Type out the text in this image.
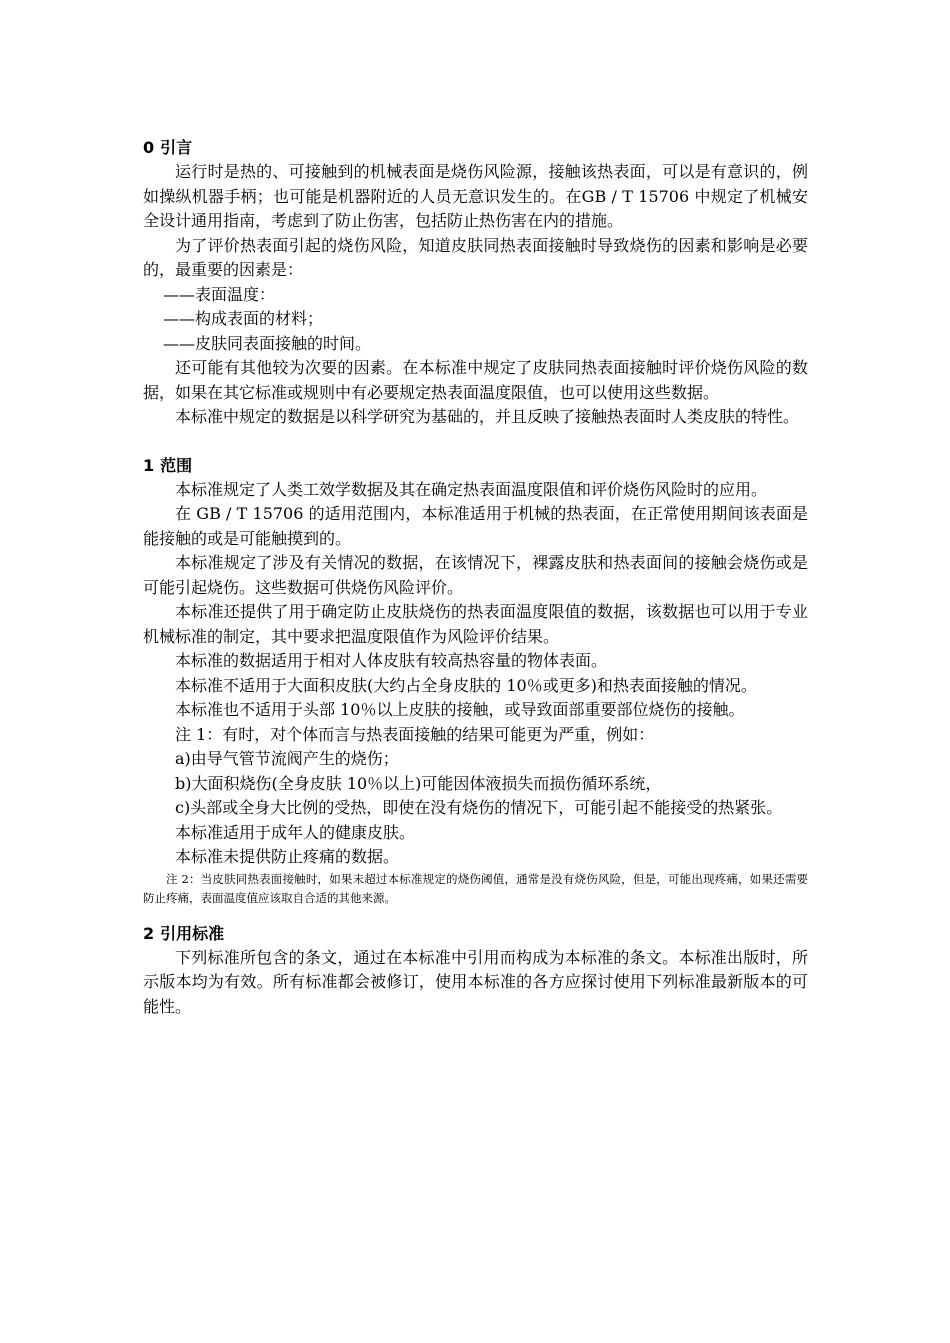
0 引言

运行时是热的、可接触到的机械表面是烧伤风险源，接触该热表面，可以是有意识的，例如操纵机器手柄；也可能是机器附近的人员无意识发生的。在GB / T 15706 中规定了机械安全设计通用指南，考虑到了防止伤害，包括防止热伤害在内的措施。

为了评价热表面引起的烧伤风险，知道皮肤同热表面接触时导致烧伤的因素和影响是必要的，最重要的因素是：

——表面温度：

——构成表面的材料；

——皮肤同表面接触的时间。

还可能有其他较为次要的因素。在本标准中规定了皮肤同热表面接触时评价烧伤风险的数据，如果在其它标准或规则中有必要规定热表面温度限值，也可以使用这些数据。

本标准中规定的数据是以科学研究为基础的，并且反映了接触热表面时人类皮肤的特性。

1 范围

本标准规定了人类工效学数据及其在确定热表面温度限值和评价烧伤风险时的应用。

在 GB / T 15706 的适用范围内，本标准适用于机械的热表面，在正常使用期间该表面是能接触的或是可能触摸到的。

本标准规定了涉及有关情况的数据，在该情况下，裸露皮肤和热表面间的接触会烧伤或是可能引起烧伤。这些数据可供烧伤风险评价。

本标准还提供了用于确定防止皮肤烧伤的热表面温度限值的数据，该数据也可以用于专业机械标准的制定，其中要求把温度限值作为风险评价结果。

本标准的数据适用于相对人体皮肤有较高热容量的物体表面。

本标准不适用于大面积皮肤(大约占全身皮肤的 10％或更多)和热表面接触的情况。

本标准也不适用于头部 10％以上皮肤的接触，或导致面部重要部位烧伤的接触。

注 1：有时，对个体而言与热表面接触的结果可能更为严重，例如：

a)由导气管节流阀产生的烧伤；

b)大面积烧伤(全身皮肤 10％以上)可能因体液损失而损伤循环系统，

c)头部或全身大比例的受热，即使在没有烧伤的情况下，可能引起不能接受的热紧张。

本标准适用于成年人的健康皮肤。

本标准未提供防止疼痛的数据。

注 2：当皮肤同热表面接触时，如果未超过本标准规定的烧伤阈值，通常是没有烧伤风险，但是，可能出现疼痛，如果还需要防止疼痛，表面温度值应该取自合适的其他来源。

2 引用标准

下列标准所包含的条文，通过在本标准中引用而构成为本标准的条文。本标准出版时，所示版本均为有效。所有标准都会被修订，使用本标准的各方应探讨使用下列标准最新版本的可能性。
